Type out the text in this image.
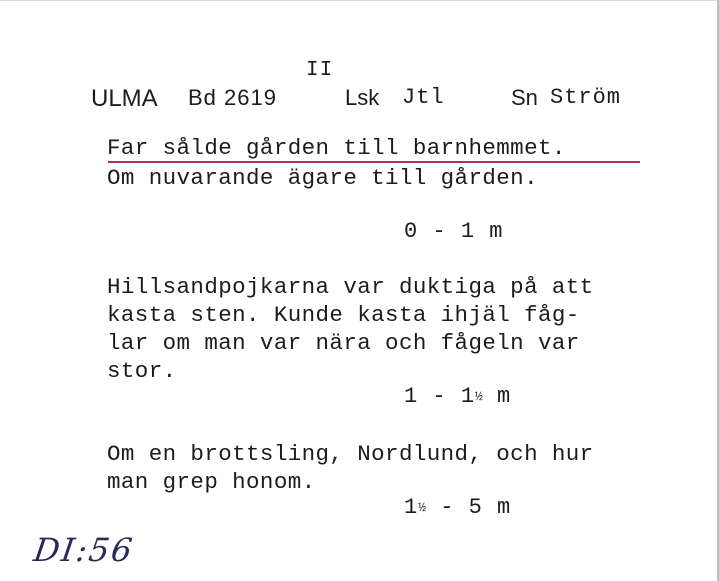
II
ULMA Bd 2619	Lsk Jtl	Sn Ström
Far sålde gården till barnhemmet.
Om nuvarande ägare till gården.
0 - 1 m
Hillsandpojkarna var duktiga på att
kasta sten. Kunde kasta ihjäl fåg-
lar om man var nära och fågeln var
stor.
1 - 1½ m
Om en brottsling, Nordlund, och hur
man grep honom.
1½ - 5 m
DI:56
